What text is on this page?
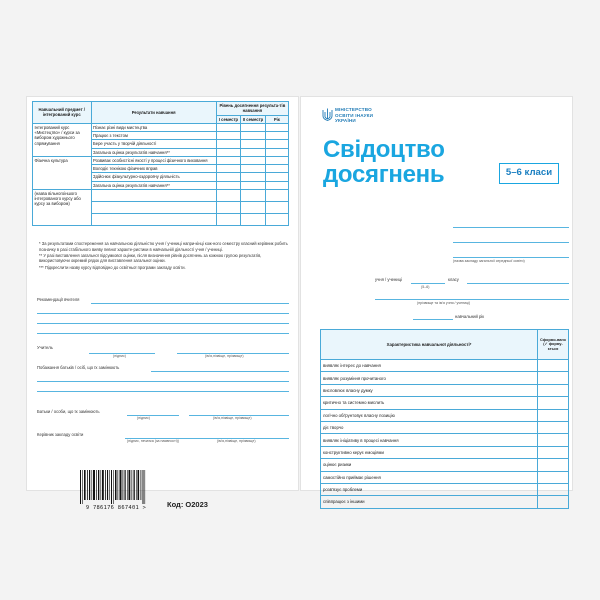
Навчальний предмет / інтегрований курс	Результати навчання	Рівень досягнення результа-тів навчання		
		І семестр	ІІ семестр	Рік
Інтегрований курс «Мистецтво» / курси за вибором художнього спрямування	Пізнає різні види мистецтва			
	Працює з текстом			
	Бере участь у творчій діяльності			
	Загальна оцінка результатів навчання**			
Фізична культура	Розвиває особистісні якості у процесі фізичного виховання			
	Володіє технікою фізичних вправ			
	Здійснює фізкультурно-оздоровчу діяльність			
	Загальна оцінка результатів навчання**			
(назва вільногоіншого інтегрованого курсу або курсу за вибором)				

* За результатами спостереження за навчальною діяльністю учня / учениці напри-кінці кож-ного семестру класний керівник робить позначку в разі стабільного вияву певної характе-ристики в навчальній діяльності учня / учениці.

** У разі виставлення загальної підсумкової оцінки, після визначення рівнів досягнень за кожною групою результатів, використовуючи окремий рядок для виставлення загальної оцінки.

*** Підкреслити назву курсу відповідно до освітньої програми закладу освіти.

Рекомендації вчителя
Учитель
(підпис)	(ім'я,пізвіще, прізвище)
Побажання батьків / осіб, що їх замінюють
Батьки / особи, що їх замінюють
(підпис)	(ім'я,пізвіще, прізвище)
Керівник закладу освіти
(підпис, печатка (за наявності))	(ім'я,пізвіще, прізвище)
9 786176 867401 >	Код: О2023
МІНІСТЕРСТВО
ОСВІТИ ІНАУКИ
УКРАЇНИ
Свідоцтво
досягнень	5–6 класи
(назва закладу загальної середньої освіти)
учня / учениці	класу
(5–6)
(прізвище та ім'я учня / учениці)
навчальний рік
Характеристика навчальної діяльності*	Сформо-вано (✓ форму-ється
виявляє інтерес до навчання	
виявляє розуміння прочитаного	
висловлює власну думку	
критично та системно мислить	
логічно обґрунтовує власну позицію	
діє творчо	
виявляє ініціативу в процесі навчання	
конструктивно керує емоціями	
оцінює ризики	
самостійно приймає рішення	
розв'язує проблеми	
співпрацює з іншими	
